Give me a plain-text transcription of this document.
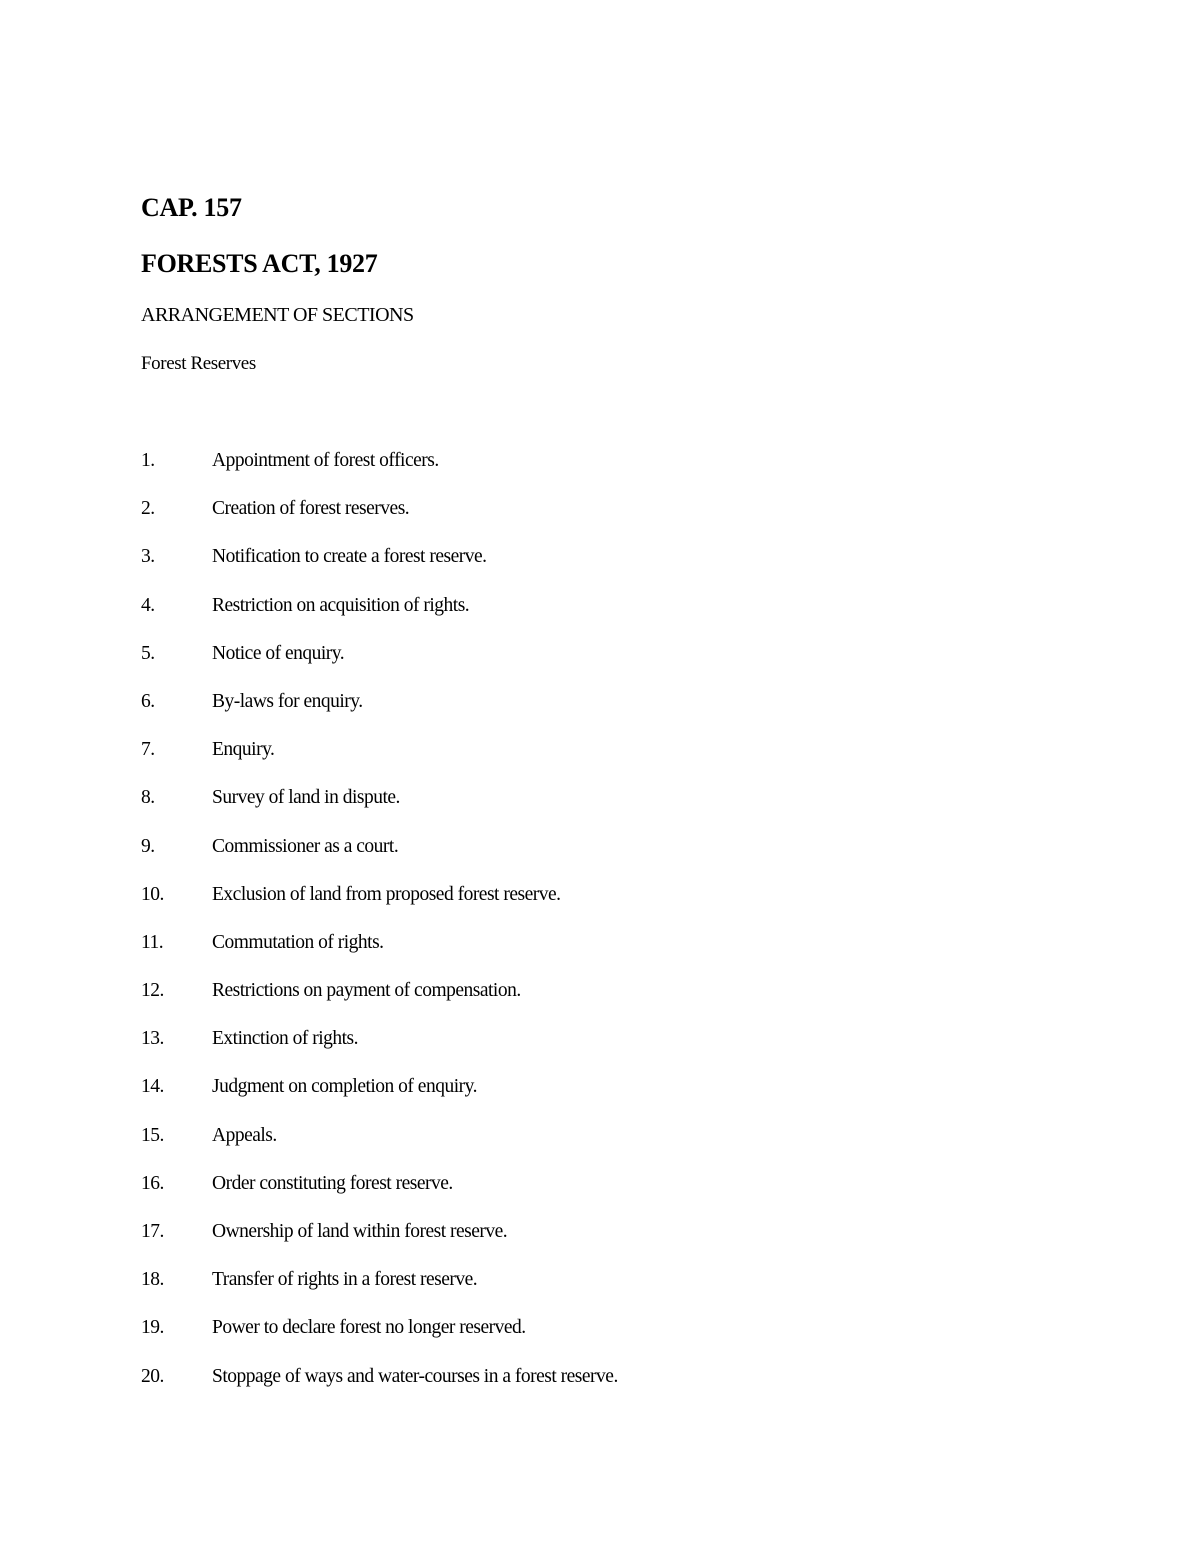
CAP. 157
FORESTS ACT, 1927
ARRANGEMENT OF SECTIONS
Forest Reserves
1.	Appointment of forest officers.
2.	Creation of forest reserves.
3.	Notification to create a forest reserve.
4.	Restriction on acquisition of rights.
5.	Notice of enquiry.
6.	By-laws for enquiry.
7.	Enquiry.
8.	Survey of land in dispute.
9.	Commissioner as a court.
10.	Exclusion of land from proposed forest reserve.
11.	Commutation of rights.
12.	Restrictions on payment of compensation.
13.	Extinction of rights.
14.	Judgment on completion of enquiry.
15.	Appeals.
16.	Order constituting forest reserve.
17.	Ownership of land within forest reserve.
18.	Transfer of rights in a forest reserve.
19.	Power to declare forest no longer reserved.
20.	Stoppage of ways and water-courses in a forest reserve.
